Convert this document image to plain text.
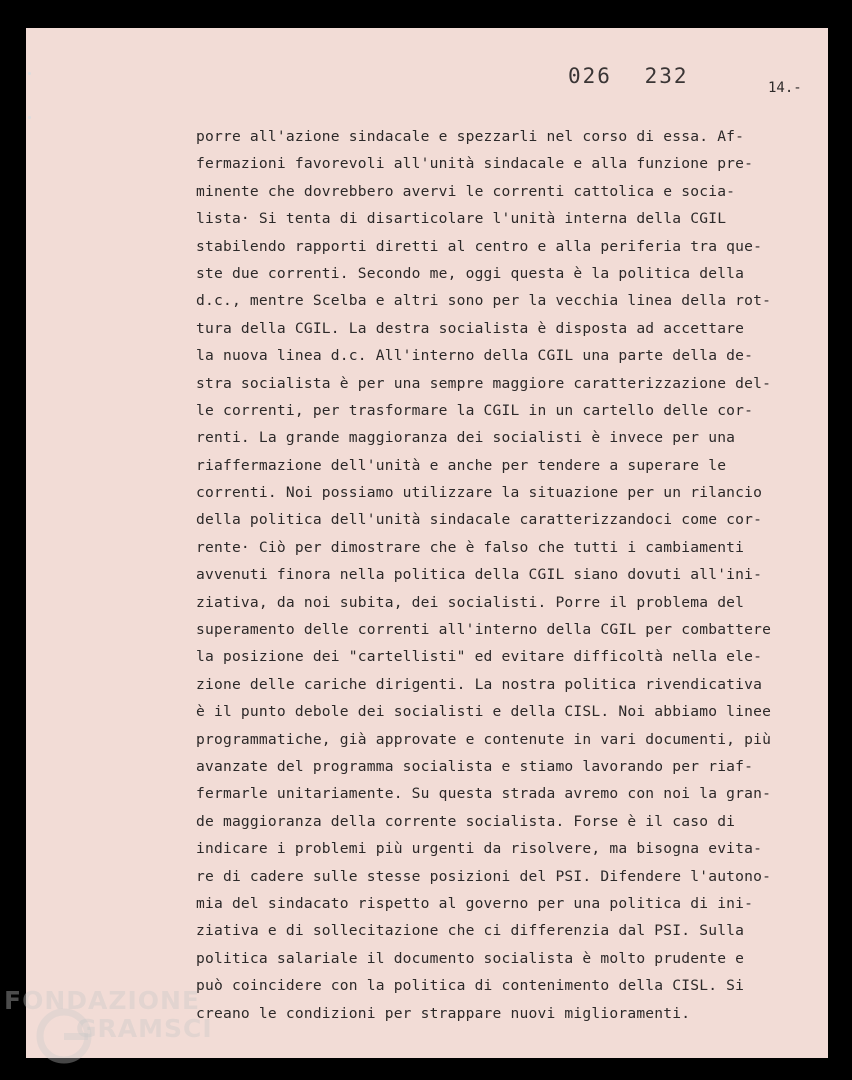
026 232	14.-
porre all'azione sindacale e spezzarli nel corso di essa. Af-
fermazioni favorevoli all'unità sindacale e alla funzione pre-
minente che dovrebbero avervi le correnti cattolica e socia-
lista· Si tenta di disarticolare l'unità interna della CGIL
stabilendo rapporti diretti al centro e alla periferia tra que-
ste due correnti. Secondo me, oggi questa è la politica della
d.c., mentre Scelba e altri sono per la vecchia linea della rot-
tura della CGIL. La destra socialista è disposta ad accettare
la nuova linea d.c. All'interno della CGIL una parte della de-
stra socialista è per una sempre maggiore caratterizzazione del-
le correnti, per trasformare la CGIL in un cartello delle cor-
renti. La grande maggioranza dei socialisti è invece per una
riaffermazione dell'unità e anche per tendere a superare le
correnti. Noi possiamo utilizzare la situazione per un rilancio
della politica dell'unità sindacale caratterizzandoci come cor-
rente· Ciò per dimostrare che è falso che tutti i cambiamenti
avvenuti finora nella politica della CGIL siano dovuti all'ini-
ziativa, da noi subita, dei socialisti. Porre il problema del
superamento delle correnti all'interno della CGIL per combattere
la posizione dei "cartellisti" ed evitare difficoltà nella ele-
zione delle cariche dirigenti. La nostra politica rivendicativa
è il punto debole dei socialisti e della CISL. Noi abbiamo linee
programmatiche, già approvate e contenute in vari documenti, più
avanzate del programma socialista e stiamo lavorando per riaf-
fermarle unitariamente. Su questa strada avremo con noi la gran-
de maggioranza della corrente socialista. Forse è il caso di
indicare i problemi più urgenti da risolvere, ma bisogna evita-
re di cadere sulle stesse posizioni del PSI. Difendere l'autono-
mia del sindacato rispetto al governo per una politica di ini-
ziativa e di sollecitazione che ci differenzia dal PSI. Sulla
politica salariale il documento socialista è molto prudente e
può coincidere con la politica di contenimento della CISL. Si
creano le condizioni per strappare nuovi miglioramenti.
FONDAZIONE
GRAMSCI
